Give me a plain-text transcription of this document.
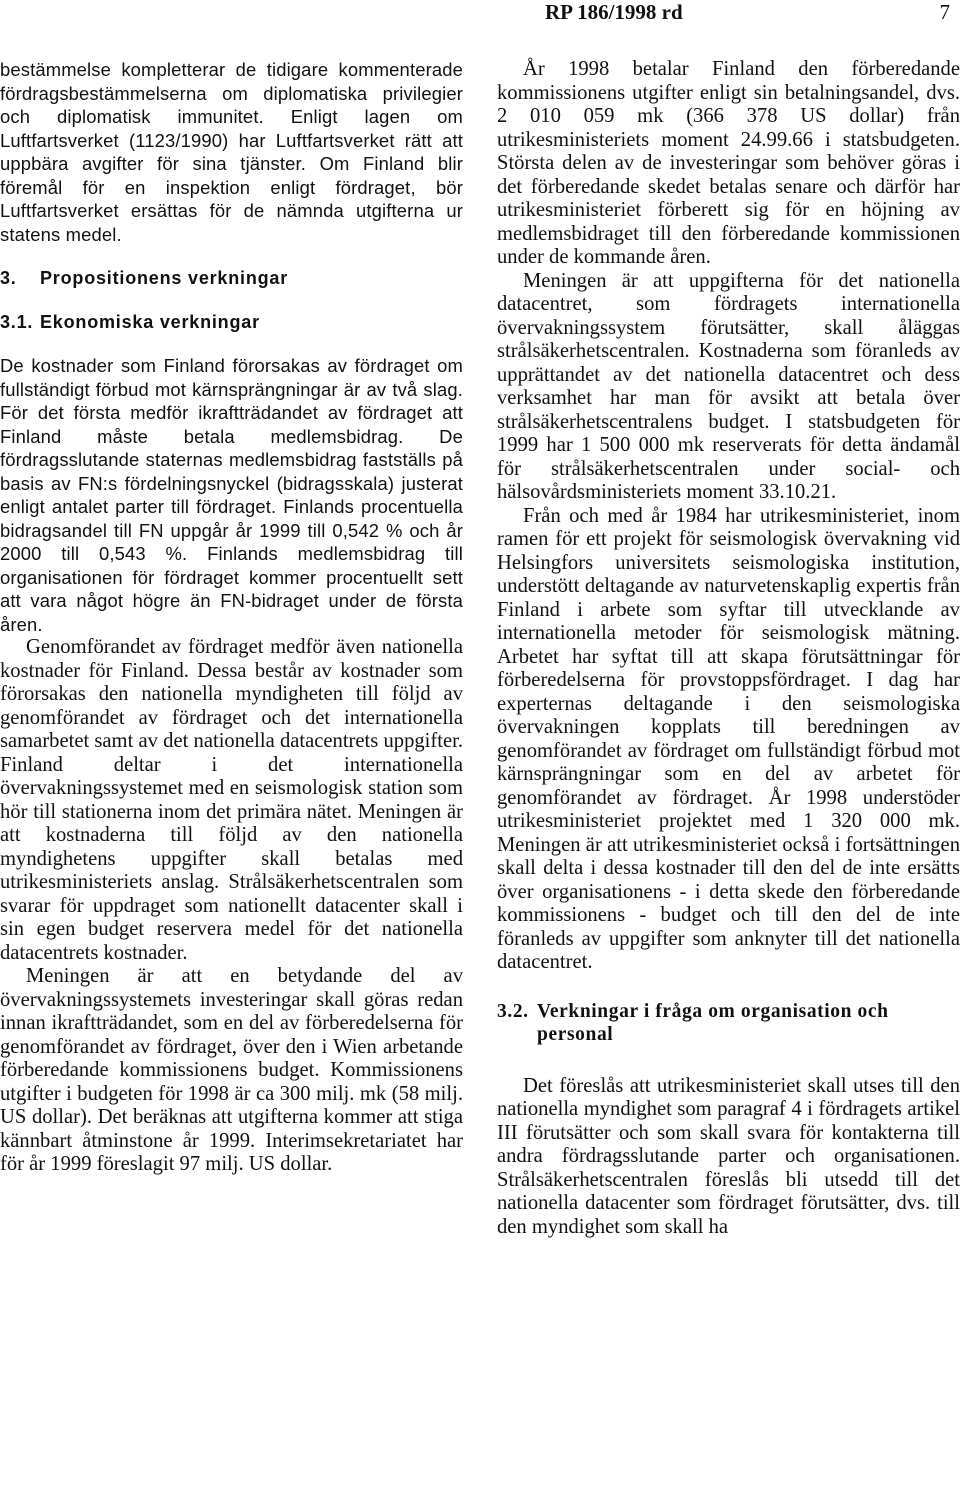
RP 186/1998 rd	7

bestämmelse kompletterar de tidigare kommenterade fördragsbestämmelserna om diplomatiska privilegier och diplomatisk immunitet. Enligt lagen om Luftfartsverket (1123/1990) har Luftfartsverket rätt att uppbära avgifter för sina tjänster. Om Finland blir föremål för en inspektion enligt fördraget, bör Luftfartsverket ersättas för de nämnda utgifterna ur statens medel.

3.	Propositionens verkningar
3.1. Ekonomiska verkningar

De kostnader som Finland förorsakas av fördraget om fullständigt förbud mot kärnsprängningar är av två slag. För det första medför ikraftträdandet av fördraget att Finland måste betala medlemsbidrag. De fördragsslutande staternas medlemsbidrag fastställs på basis av FN:s fördelningsnyckel (bidragsskala) justerat enligt antalet parter till fördraget. Finlands procentuella bidragsandel till FN uppgår år 1999 till 0,542 % och år 2000 till 0,543 %. Finlands medlemsbidrag till organisationen för fördraget kommer procentuellt sett att vara något högre än FN-bidraget under de första åren.

Genomförandet av fördraget medför även nationella kostnader för Finland. Dessa består av kostnader som förorsakas den nationella myndigheten till följd av genomförandet av fördraget och det internationella samarbetet samt av det nationella datacentrets uppgifter. Finland deltar i det internationella övervakningssystemet med en seismologisk station som hör till stationerna inom det primära nätet. Meningen är att kostnaderna till följd av den nationella myndighetens uppgifter skall betalas med utrikesministeriets anslag. Strålsäkerhetscentralen som svarar för uppdraget som nationellt datacenter skall i sin egen budget reservera medel för det nationella datacentrets kostnader.

Meningen är att en betydande del av övervakningssystemets investeringar skall göras redan innan ikraftträdandet, som en del av förberedelserna för genomförandet av fördraget, över den i Wien arbetande förberedande kommissionens budget. Kommissionens utgifter i budgeten för 1998 är ca 300 milj. mk (58 milj. US dollar). Det beräknas att utgifterna kommer att stiga kännbart åtminstone år 1999. Interimsekretariatet har för år 1999 föreslagit 97 milj. US dollar.

År 1998 betalar Finland den förberedande kommissionens utgifter enligt sin betalningsandel, dvs. 2 010 059 mk (366 378 US dollar) från utrikesministeriets moment 24.99.66 i statsbudgeten. Största delen av de investeringar som behöver göras i det förberedande skedet betalas senare och därför har utrikesministeriet förberett sig för en höjning av medlemsbidraget till den förberedande kommissionen under de kommande åren.

Meningen är att uppgifterna för det nationella datacentret, som fördragets internationella övervakningssystem förutsätter, skall åläggas strålsäkerhetscentralen. Kostnaderna som föranleds av upprättandet av det nationella datacentret och dess verksamhet har man för avsikt att betala över strålsäkerhetscentralens budget. I statsbudgeten för 1999 har 1 500 000 mk reserverats för detta ändamål för strålsäkerhetscentralen under social- och hälsovårdsministeriets moment 33.10.21.

Från och med år 1984 har utrikesministeriet, inom ramen för ett projekt för seismologisk övervakning vid Helsingfors universitets seismologiska institution, understött deltagande av naturvetenskaplig expertis från Finland i arbete som syftar till utvecklande av internationella metoder för seismologisk mätning. Arbetet har syftat till att skapa förutsättningar för förberedelserna för provstoppsfördraget. I dag har experternas deltagande i den seismologiska övervakningen kopplats till beredningen av genomförandet av fördraget om fullständigt förbud mot kärnsprängningar som en del av arbetet för genomförandet av fördraget. År 1998 understöder utrikesministeriet projektet med 1 320 000 mk. Meningen är att utrikesministeriet också i fortsättningen skall delta i dessa kostnader till den del de inte ersätts över organisationens - i detta skede den förberedande kommissionens - budget och till den del de inte föranleds av uppgifter som anknyter till det nationella datacentret.

3.2. Verkningar i fråga om organisation och personal

Det föreslås att utrikesministeriet skall utses till den nationella myndighet som paragraf 4 i fördragets artikel III förutsätter och som skall svara för kontakterna till andra fördragsslutande parter och organisationen. Strålsäkerhetscentralen föreslås bli utsedd till det nationella datacenter som fördraget förutsätter, dvs. till den myndighet som skall ha
